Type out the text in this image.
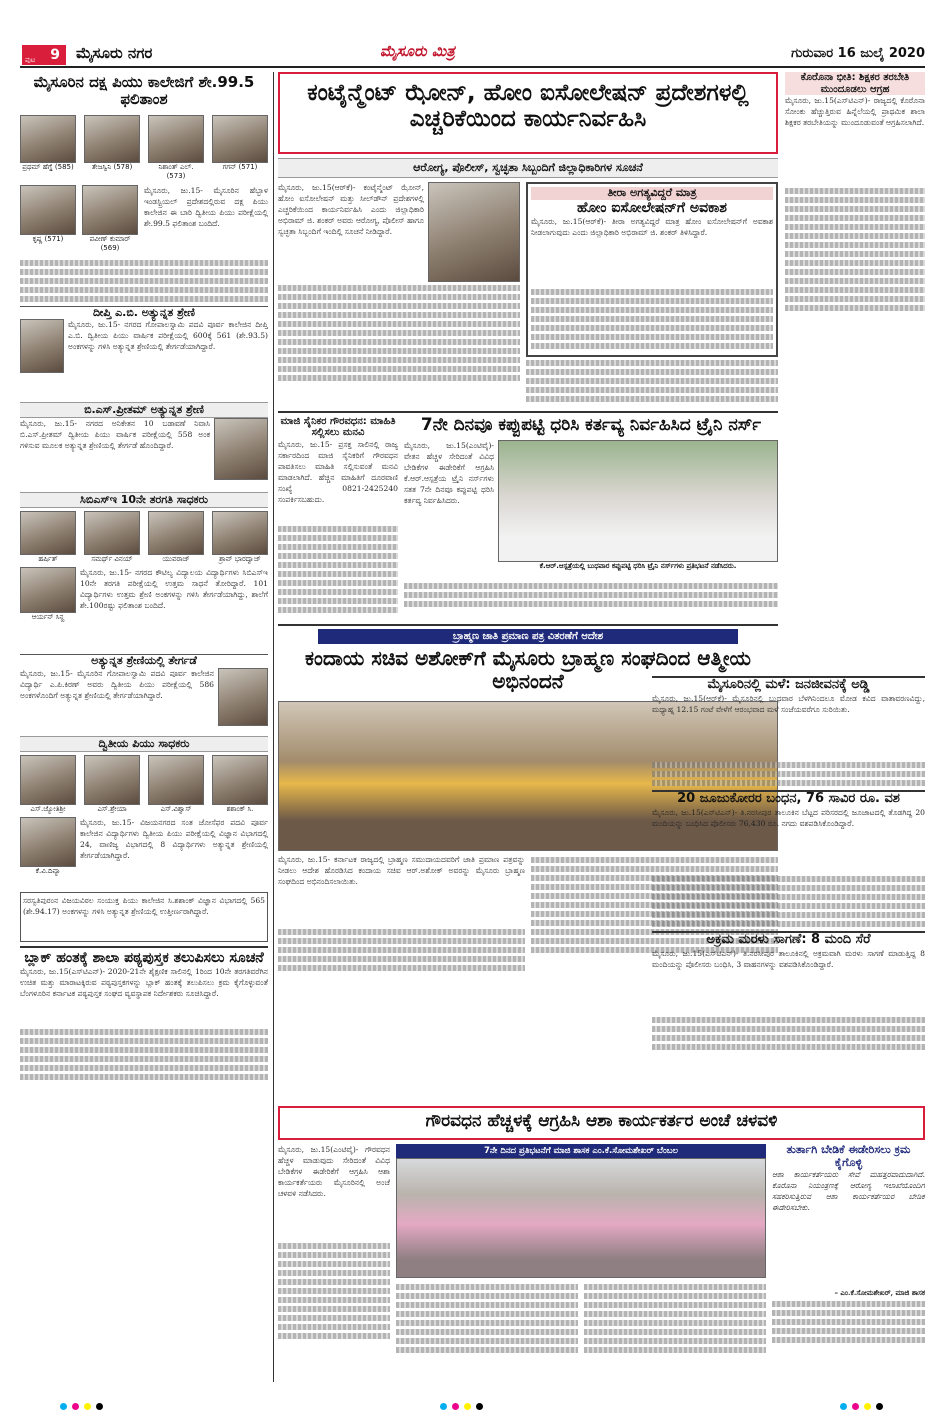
ಪುಟ 9	ಮೈಸೂರು ನಗರ	ಮೈಸೂರು ಮಿತ್ರ	ಗುರುವಾರ 16 ಜುಲೈ 2020
ಮೈಸೂರಿನ ದಕ್ಷ ಪಿಯು ಕಾಲೇಜಿಗೆ ಶೇ.99.5 ಫಲಿತಾಂಶ
ಪ್ರಥಮ್ ಹೆಗ್ಡೆ (585)	ತೇಜಸ್ವಿನಿ (578)	ನಿಶಾಂತ್ ಎಲ್. (573)
ಗಗನ್ (571)
ಕೃಷ್ಣ (571)	ಪವೀಣ್ ಕುಮಾರ್ (569)
ಮೈಸೂರು, ಜು.15- ಮೈಸೂರಿನ ಹೆಬ್ಬಾಳ ಇಂಡಸ್ಟ್ರಿಯಲ್ ಪ್ರದೇಶದಲ್ಲಿರುವ ದಕ್ಷ ಪಿಯು ಕಾಲೇಜಿನ ಈ ಬಾರಿ ದ್ವಿತೀಯ ಪಿಯು ಪರೀಕ್ಷೆಯಲ್ಲಿ ಶೇ.99.5 ಫಲಿತಾಂಶ ಬಂದಿದೆ.
ದೀಪ್ತಿ ಎ.ಬಿ. ಅತ್ಯುನ್ನತ ಶ್ರೇಣಿ
ಮೈಸೂರು, ಜು.15- ನಗರದ ಗೋಪಾಲಸ್ವಾಮಿ ಪದವಿ ಪೂರ್ವ ಕಾಲೇಜಿನ ದೀಪ್ತಿ ಎ.ಬಿ. ದ್ವಿತೀಯ ಪಿಯು ವಾರ್ಷಿಕ ಪರೀಕ್ಷೆಯಲ್ಲಿ 600ಕ್ಕೆ 561 (ಶೇ.93.5) ಅಂಕಗಳನ್ನು ಗಳಿಸಿ ಅತ್ಯುನ್ನತ ಶ್ರೇಣಿಯಲ್ಲಿ ತೇರ್ಗಡೆಯಾಗಿದ್ದಾರೆ.
ಬಿ.ಎಸ್.ಪ್ರೀತಮ್ ಅತ್ಯುನ್ನತ ಶ್ರೇಣಿ
ಮೈಸೂರು, ಜು.15- ನಗರದ ಅನಿಕೇತನ 10 ಬಡಾವಣೆ ನಿವಾಸಿ ಬಿ.ಎಸ್.ಪ್ರೀತಮ್ ದ್ವಿತೀಯ ಪಿಯು ವಾರ್ಷಿಕ ಪರೀಕ್ಷೆಯಲ್ಲಿ 558 ಅಂಕ ಗಳಿಸುವ ಮೂಲಕ ಅತ್ಯುನ್ನತ ಶ್ರೇಣಿಯಲ್ಲಿ ತೇರ್ಗಡೆ ಹೊಂದಿದ್ದಾರೆ.
ಸಿಬಿಎಸ್‌ಇ 10ನೇ ತರಗತಿ ಸಾಧಕರು
ಹರ್ಷಿತ್	ಸಮರ್ಥ್ ವಿನಯ್	ಯುವರಾಜ್	ಶ್ರಾವ್ ಭಾರದ್ವಾಜ್
ಆರ್ಯನ್ ಸಿನ್ಹ
ಮೈಸೂರು, ಜು.15- ನಗರದ ಕೌಟಿಲ್ಯ ವಿದ್ಯಾಲಯ ವಿದ್ಯಾರ್ಥಿಗಳು ಸಿಬಿಎಸ್‌ಇ 10ನೇ ತರಗತಿ ಪರೀಕ್ಷೆಯಲ್ಲಿ ಉತ್ತಮ ಸಾಧನೆ ತೋರಿದ್ದಾರೆ. 101 ವಿದ್ಯಾರ್ಥಿಗಳು ಉತ್ತಮ ಶ್ರೇಣಿ ಅಂಕಗಳನ್ನು ಗಳಿಸಿ ತೇರ್ಗಡೆಯಾಗಿದ್ದು, ಶಾಲೆಗೆ ಶೇ.100ರಷ್ಟು ಫಲಿತಾಂಶ ಬಂದಿದೆ.
ಅತ್ಯುನ್ನತ ಶ್ರೇಣಿಯಲ್ಲಿ ತೇರ್ಗಡೆ
ಮೈಸೂರು, ಜು.15- ಮೈಸೂರಿನ ಗೋಪಾಲಸ್ವಾಮಿ ಪದವಿ ಪೂರ್ವ ಕಾಲೇಜಿನ ವಿದ್ಯಾರ್ಥಿ ಎ.ಪಿ.ಕಿರಣ್ ಅವರು ದ್ವಿತೀಯ ಪಿಯು ಪರೀಕ್ಷೆಯಲ್ಲಿ 586 ಅಂಕಗಳೊಂದಿಗೆ ಅತ್ಯುನ್ನತ ಶ್ರೇಣಿಯಲ್ಲಿ ತೇರ್ಗಡೆಯಾಗಿದ್ದಾರೆ.
ದ್ವಿತೀಯ ಪಿಯು ಸಾಧಕರು
ಎಸ್.ಜ್ಯೋತಿಶ್ರೀ	ಎಸ್.ಶ್ರೇಯಾ	ಎಸ್.ವಿಶ್ವಾಸ್	ಶಶಾಂಕ್ ಸಿ.
ಕೆ.ವಿ.ದಿವ್ಯಾ
ಮೈಸೂರು, ಜು.15- ವಿಜಯನಗರದ ಸಂತ ಜೋಸೆಫರ ಪದವಿ ಪೂರ್ವ ಕಾಲೇಜಿನ ವಿದ್ಯಾರ್ಥಿಗಳು ದ್ವಿತೀಯ ಪಿಯು ಪರೀಕ್ಷೆಯಲ್ಲಿ ವಿಜ್ಞಾನ ವಿಭಾಗದಲ್ಲಿ 24, ವಾಣಿಜ್ಯ ವಿಭಾಗದಲ್ಲಿ 8 ವಿದ್ಯಾರ್ಥಿಗಳು ಅತ್ಯುನ್ನತ ಶ್ರೇಣಿಯಲ್ಲಿ ತೇರ್ಗಡೆಯಾಗಿದ್ದಾರೆ.
ಸರಸ್ವತಿಪುರಂನ ವಿಜಯವಿಠಲ ಸಂಯುಕ್ತ ಪಿಯು ಕಾಲೇಜಿನ ಸಿ.ಶಶಾಂಕ್ ವಿಜ್ಞಾನ ವಿಭಾಗದಲ್ಲಿ 565 (ಶೇ.94.17) ಅಂಕಗಳನ್ನು ಗಳಿಸಿ ಅತ್ಯುನ್ನತ ಶ್ರೇಣಿಯಲ್ಲಿ ಉತ್ತೀರ್ಣರಾಗಿದ್ದಾರೆ.
ಬ್ಲಾಕ್ ಹಂತಕ್ಕೆ ಶಾಲಾ ಪಠ್ಯಪುಸ್ತಕ ತಲುಪಿಸಲು ಸೂಚನೆ
ಮೈಸೂರು, ಜು.15(ಎಸ್‌ಟಿಎನ್)- 2020-21ನೇ ಶೈಕ್ಷಣಿಕ ಸಾಲಿನಲ್ಲಿ 1ರಿಂದ 10ನೇ ತರಗತಿವರೆಗಿನ ಉಚಿತ ಮತ್ತು ಮಾರಾಟಕ್ಕಿರುವ ಪಠ್ಯಪುಸ್ತಕಗಳನ್ನು ಬ್ಲಾಕ್ ಹಂತಕ್ಕೆ ತಲುಪಿಸಲು ಕ್ರಮ ಕೈಗೊಳ್ಳುವಂತೆ ಬೆಂಗಳೂರಿನ ಕರ್ನಾಟಕ ಪಠ್ಯಪುಸ್ತಕ ಸಂಘದ ವ್ಯವಸ್ಥಾಪಕ ನಿರ್ದೇಶಕರು ಸೂಚಿಸಿದ್ದಾರೆ.
ಕಂಟೈನ್ಮೆಂಟ್ ಝೋನ್, ಹೋಂ ಐಸೋಲೇಷನ್ ಪ್ರದೇಶಗಳಲ್ಲಿ ಎಚ್ಚರಿಕೆಯಿಂದ ಕಾರ್ಯನಿರ್ವಹಿಸಿ
ಆರೋಗ್ಯ, ಪೊಲೀಸ್, ಸ್ವಚ್ಛತಾ ಸಿಬ್ಬಂದಿಗೆ ಜಿಲ್ಲಾಧಿಕಾರಿಗಳ ಸೂಚನೆ
ಮೈಸೂರು, ಜು.15(ಆರ್‌ಕೆ)- ಕಂಟೈನ್ಮೆಂಟ್ ಝೋನ್, ಹೋಂ ಐಸೋಲೇಷನ್ ಮತ್ತು ಸೀಲ್‌ಡೌನ್ ಪ್ರದೇಶಗಳಲ್ಲಿ ಎಚ್ಚರಿಕೆಯಿಂದ ಕಾರ್ಯನಿರ್ವಹಿಸಿ ಎಂದು ಜಿಲ್ಲಾಧಿಕಾರಿ ಅಭಿರಾಮ್ ಜಿ. ಶಂಕರ್ ಅವರು ಆರೋಗ್ಯ, ಪೊಲೀಸ್ ಹಾಗೂ ಸ್ವಚ್ಛತಾ ಸಿಬ್ಬಂದಿಗೆ ಇಂದಿಲ್ಲಿ ಸೂಚನೆ ನೀಡಿದ್ದಾರೆ.
ತೀರಾ ಅಗತ್ಯವಿದ್ದರೆ ಮಾತ್ರ
ಹೋಂ ಐಸೋಲೇಷನ್‌ಗೆ ಅವಕಾಶ
ಮೈಸೂರು, ಜು.15(ಆರ್‌ಕೆ)- ತೀರಾ ಅಗತ್ಯವಿದ್ದರೆ ಮಾತ್ರ ಹೋಂ ಐಸೋಲೇಷನ್‌ಗೆ ಅವಕಾಶ ನೀಡಲಾಗುವುದು ಎಂದು ಜಿಲ್ಲಾಧಿಕಾರಿ ಅಭಿರಾಮ್ ಜಿ. ಶಂಕರ್ ತಿಳಿಸಿದ್ದಾರೆ.
ಮಾಜಿ ಸೈನಿಕರ ಗೌರವಧನ: ಮಾಹಿತಿ ಸಲ್ಲಿಸಲು ಮನವಿ
ಮೈಸೂರು, ಜು.15- ಪ್ರಸಕ್ತ ಸಾಲಿನಲ್ಲಿ ರಾಜ್ಯ ಸರ್ಕಾರದಿಂದ ಮಾಜಿ ಸೈನಿಕರಿಗೆ ಗೌರವಧನ ಪಾವತಿಸಲು ಮಾಹಿತಿ ಸಲ್ಲಿಸುವಂತೆ ಮನವಿ ಮಾಡಲಾಗಿದೆ. ಹೆಚ್ಚಿನ ಮಾಹಿತಿಗೆ ದೂರವಾಣಿ ಸಂಖ್ಯೆ 0821-2425240 ಸಂಪರ್ಕಿಸಬಹುದು.
7ನೇ ದಿನವೂ ಕಪ್ಪುಪಟ್ಟಿ ಧರಿಸಿ ಕರ್ತವ್ಯ ನಿರ್ವಹಿಸಿದ ಟ್ರೈನಿ ನರ್ಸ್
ಮೈಸೂರು, ಜು.15(ಎಂಟಿವೈ)- ವೇತನ ಹೆಚ್ಚಳ ಸೇರಿದಂತೆ ವಿವಿಧ ಬೇಡಿಕೆಗಳ ಈಡೇರಿಕೆಗೆ ಆಗ್ರಹಿಸಿ ಕೆ.ಆರ್.ಆಸ್ಪತ್ರೆಯ ಟ್ರೈನಿ ನರ್ಸ್‌ಗಳು ಸತತ 7ನೇ ದಿನವೂ ಕಪ್ಪುಪಟ್ಟಿ ಧರಿಸಿ ಕರ್ತವ್ಯ ನಿರ್ವಹಿಸಿದರು.
ಕೆ.ಆರ್.ಆಸ್ಪತ್ರೆಯಲ್ಲಿ ಬುಧವಾರ ಕಪ್ಪುಪಟ್ಟಿ ಧರಿಸಿ ಟ್ರೈನಿ ನರ್ಸ್‌ಗಳು ಪ್ರತಿಭಟನೆ ನಡೆಸಿದರು.
ಬ್ರಾಹ್ಮಣ ಜಾತಿ ಪ್ರಮಾಣ ಪತ್ರ ವಿತರಣೆಗೆ ಆದೇಶ
ಕಂದಾಯ ಸಚಿವ ಅಶೋಕ್‌ಗೆ ಮೈಸೂರು ಬ್ರಾಹ್ಮಣ ಸಂಘದಿಂದ ಆತ್ಮೀಯ ಅಭಿನಂದನೆ
ಮೈಸೂರು, ಜು.15- ಕರ್ನಾಟಕ ರಾಜ್ಯದಲ್ಲಿ ಬ್ರಾಹ್ಮಣ ಸಮುದಾಯದವರಿಗೆ ಜಾತಿ ಪ್ರಮಾಣ ಪತ್ರವನ್ನು ನೀಡಲು ಆದೇಶ ಹೊರಡಿಸಿದ ಕಂದಾಯ ಸಚಿವ ಆರ್.ಅಶೋಕ್ ಅವರನ್ನು ಮೈಸೂರು ಬ್ರಾಹ್ಮಣ ಸಂಘದಿಂದ ಅಭಿನಂದಿಸಲಾಯಿತು.
ಕೊರೊನಾ ಭೀತಿ: ಶಿಕ್ಷಕರ ತರಬೇತಿ ಮುಂದೂಡಲು ಆಗ್ರಹ
ಮೈಸೂರು, ಜು.15(ಎಸ್‌ಟಿಎನ್)- ರಾಜ್ಯದಲ್ಲಿ ಕೊರೊನಾ ಸೋಂಕು ಹೆಚ್ಚುತ್ತಿರುವ ಹಿನ್ನೆಲೆಯಲ್ಲಿ ಪ್ರಾಥಮಿಕ ಶಾಲಾ ಶಿಕ್ಷಕರ ತರಬೇತಿಯನ್ನು ಮುಂದೂಡುವಂತೆ ಆಗ್ರಹಿಸಲಾಗಿದೆ.
ಮೈಸೂರಿನಲ್ಲಿ ಮಳೆ: ಜನಜೀವನಕ್ಕೆ ಅಡ್ಡಿ
ಮೈಸೂರು, ಜು.15(ಆರ್‌ಕೆ)- ಮೈಸೂರಿನಲ್ಲಿ ಬುಧವಾರ ಬೆಳಗಿನಿಂದಲೂ ಮೋಡ ಕವಿದ ವಾತಾವರಣವಿದ್ದು, ಮಧ್ಯಾಹ್ನ 12.15 ಗಂಟೆ ವೇಳೆಗೆ ಆರಂಭವಾದ ಮಳೆ ಸಂಜೆಯವರೆಗೂ ಸುರಿಯಿತು.
20 ಜೂಜುಕೋರರ ಬಂಧನ, 76 ಸಾವಿರ ರೂ. ವಶ
ಮೈಸೂರು, ಜು.15(ಎಸ್‌ಟಿಎನ್)- ತಿ.ನರಸೀಪುರ ತಾಲೂಕಿನ ಬೆಟ್ಟದ ಪರಿಸರದಲ್ಲಿ ಜೂಜಾಟದಲ್ಲಿ ತೊಡಗಿದ್ದ 20 ಮಂದಿಯನ್ನು ಬಂಧಿಸಿದ ಪೊಲೀಸರು 76,430 ರೂ. ನಗದು ವಶಪಡಿಸಿಕೊಂಡಿದ್ದಾರೆ.
ಅಕ್ರಮ ಮರಳು ಸಾಗಣೆ: 8 ಮಂದಿ ಸೆರೆ
ಮೈಸೂರು, ಜು.15(ಎಸ್‌ಟಿಎನ್)- ತಿ.ನರಸೀಪುರ ತಾಲೂಕಿನಲ್ಲಿ ಅಕ್ರಮವಾಗಿ ಮರಳು ಸಾಗಣೆ ಮಾಡುತ್ತಿದ್ದ 8 ಮಂದಿಯನ್ನು ಪೊಲೀಸರು ಬಂಧಿಸಿ, 3 ವಾಹನಗಳನ್ನು ವಶಪಡಿಸಿಕೊಂಡಿದ್ದಾರೆ.
ಗೌರವಧನ ಹೆಚ್ಚಳಕ್ಕೆ ಆಗ್ರಹಿಸಿ ಆಶಾ ಕಾರ್ಯಕರ್ತರ ಅಂಚೆ ಚಳವಳಿ
ಮೈಸೂರು, ಜು.15(ಎಂಟಿವೈ)- ಗೌರವಧನ ಹೆಚ್ಚಳ ಮಾಡುವುದು ಸೇರಿದಂತೆ ವಿವಿಧ ಬೇಡಿಕೆಗಳ ಈಡೇರಿಕೆಗೆ ಆಗ್ರಹಿಸಿ ಆಶಾ ಕಾರ್ಯಕರ್ತೆಯರು ಮೈಸೂರಿನಲ್ಲಿ ಅಂಚೆ ಚಳವಳಿ ನಡೆಸಿದರು.
7ನೇ ದಿನದ ಪ್ರತಿಭಟನೆಗೆ ಮಾಜಿ ಶಾಸಕ ಎಂ.ಕೆ.ಸೋಮಶೇಖರ್ ಬೆಂಬಲ	ತುರ್ತಾಗಿ ಬೇಡಿಕೆ ಈಡೇರಿಸಲು ಕ್ರಮ ಕೈಗೊಳ್ಳಿ
ಆಶಾ ಕಾರ್ಯಕರ್ತೆಯರು ಸೇವೆ ಮಹತ್ತರವಾದುದಾಗಿದೆ. ಕೊರೊನಾ ನಿಯಂತ್ರಣಕ್ಕೆ ಆರೋಗ್ಯ ಇಲಾಖೆಯೊಂದಿಗೆ ಸಹಕರಿಸುತ್ತಿರುವ ಆಶಾ ಕಾರ್ಯಕರ್ತೆಯರ ಬೇಡಿಕೆ ಈಡೇರಿಸಬೇಕು.
– ಎಂ.ಕೆ.ಸೋಮಶೇಖರ್, ಮಾಜಿ ಶಾಸಕ
